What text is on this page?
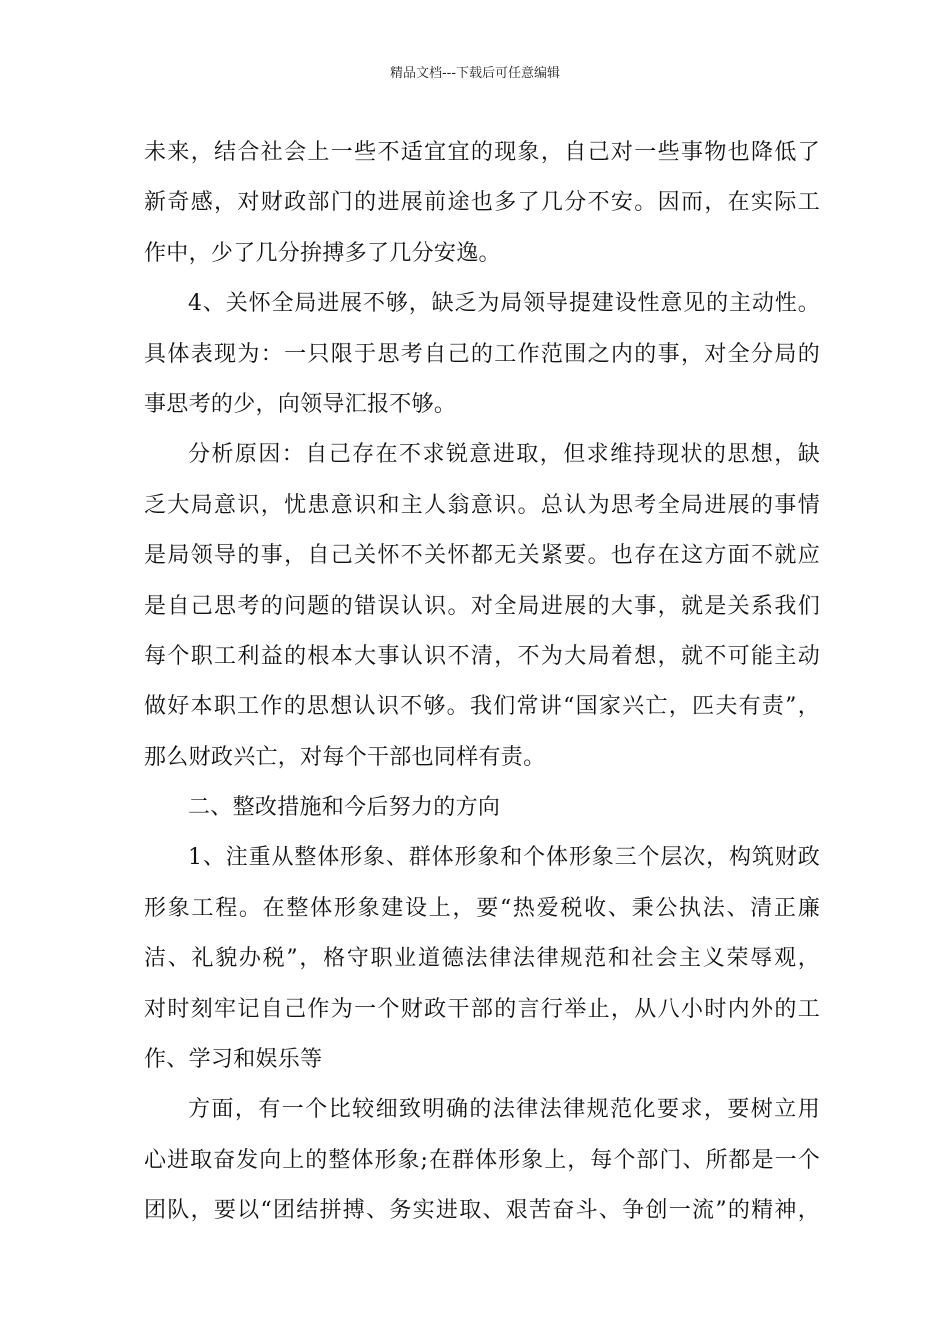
精品文档---下载后可任意编辑
未来，结合社会上一些不适宜宜的现象，自己对一些事物也降低了
新奇感，对财政部门的进展前途也多了几分不安。因而，在实际工
作中，少了几分拚搏多了几分安逸。
4、关怀全局进展不够，缺乏为局领导提建设性意见的主动性。
具体表现为：一只限于思考自己的工作范围之内的事，对全分局的
事思考的少，向领导汇报不够。
分析原因：自己存在不求锐意进取，但求维持现状的思想，缺
乏大局意识，忧患意识和主人翁意识。总认为思考全局进展的事情
是局领导的事，自己关怀不关怀都无关紧要。也存在这方面不就应
是自己思考的问题的错误认识。对全局进展的大事，就是关系我们
每个职工利益的根本大事认识不清，不为大局着想，就不可能主动
做好本职工作的思想认识不够。我们常讲“国家兴亡，匹夫有责”，
那么财政兴亡，对每个干部也同样有责。
二、整改措施和今后努力的方向
1、注重从整体形象、群体形象和个体形象三个层次，构筑财政
形象工程。在整体形象建设上，要“热爱税收、秉公执法、清正廉
洁、礼貌办税”，格守职业道德法律法律规范和社会主义荣辱观，
对时刻牢记自己作为一个财政干部的言行举止，从八小时内外的工
作、学习和娱乐等
方面，有一个比较细致明确的法律法律规范化要求，要树立用
心进取奋发向上的整体形象;在群体形象上，每个部门、所都是一个
团队，要以“团结拼搏、务实进取、艰苦奋斗、争创一流”的精神，
